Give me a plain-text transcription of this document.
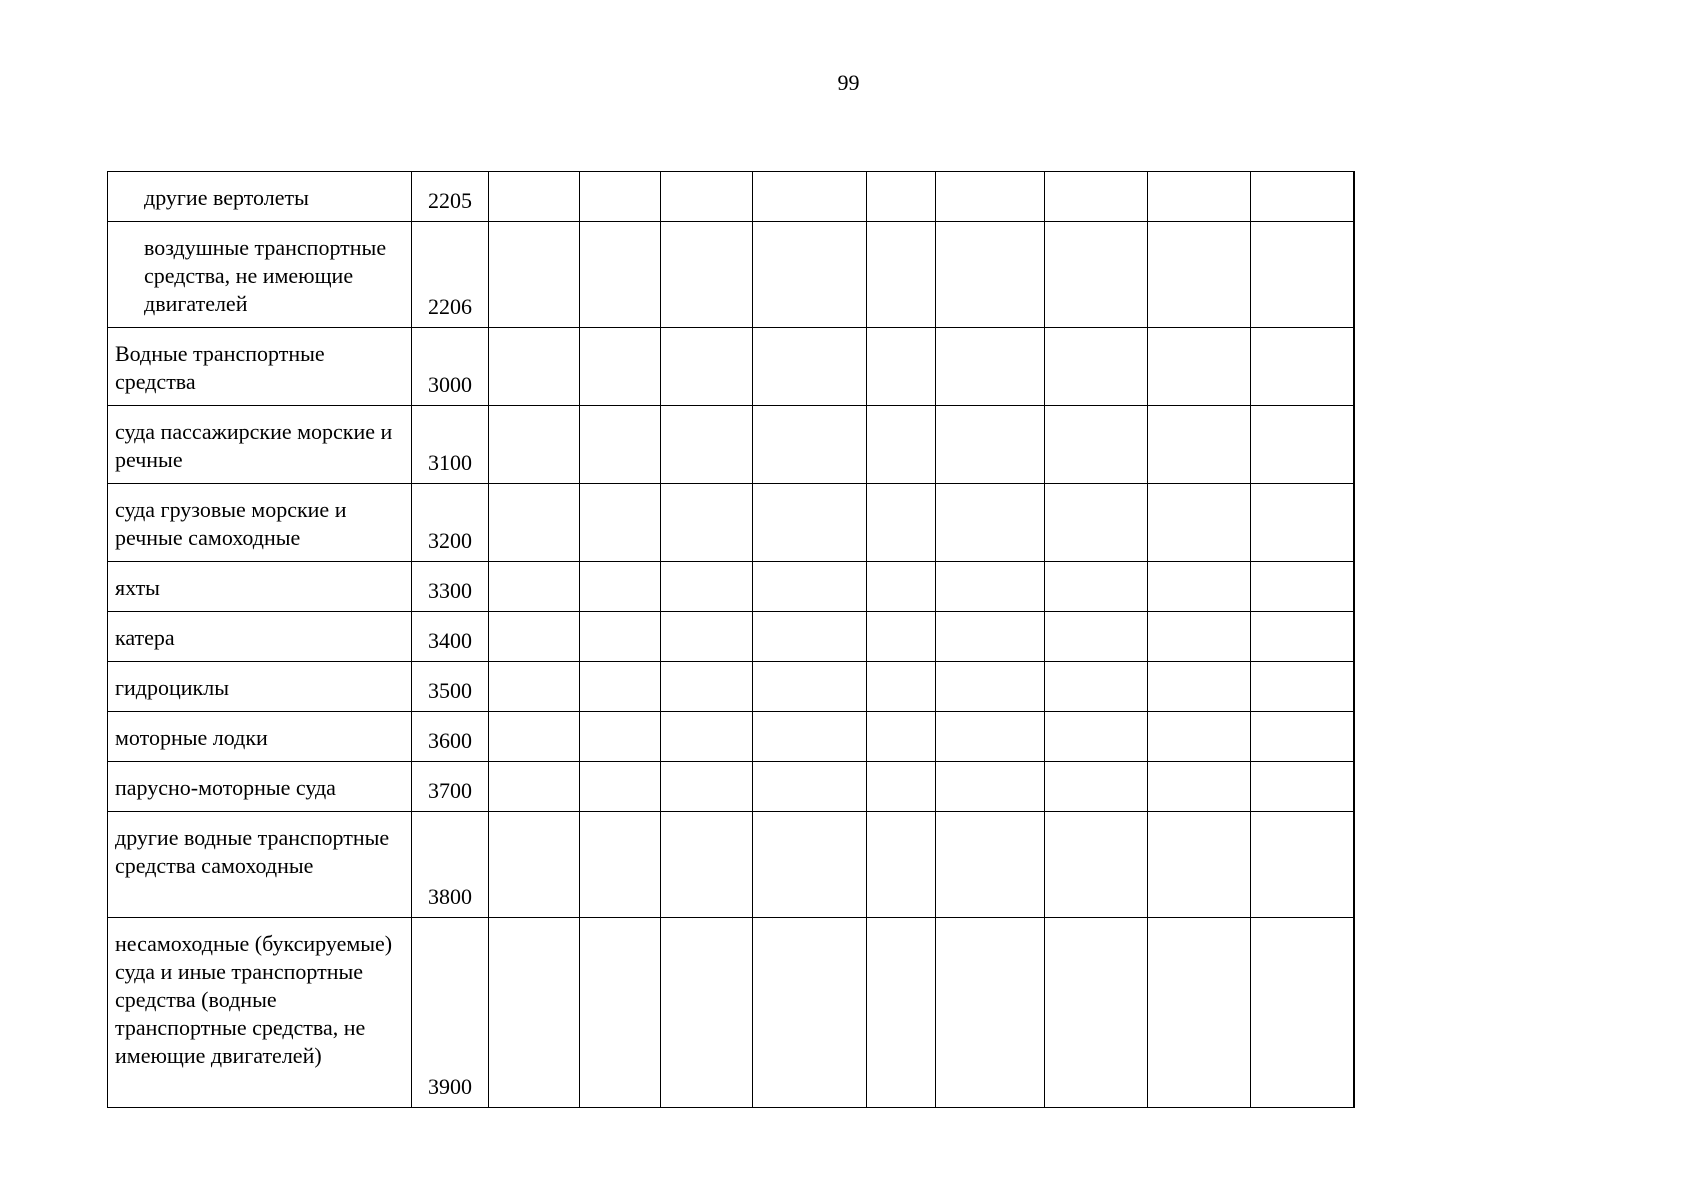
99
другие вертолеты	2205										
воздушные транспортные средства, не имеющие двигателей	2206										
Водные транспортные средства	3000										
суда пассажирские морские и речные	3100										
суда грузовые морские и речные самоходные	3200										
яхты	3300										
катера	3400										
гидроциклы	3500										
моторные лодки	3600										
парусно-моторные суда	3700										
другие водные транспортные средства самоходные	3800										
несамоходные (буксируемые) суда и иные транспортные средства (водные транспортные средства, не имеющие двигателей)	3900										
